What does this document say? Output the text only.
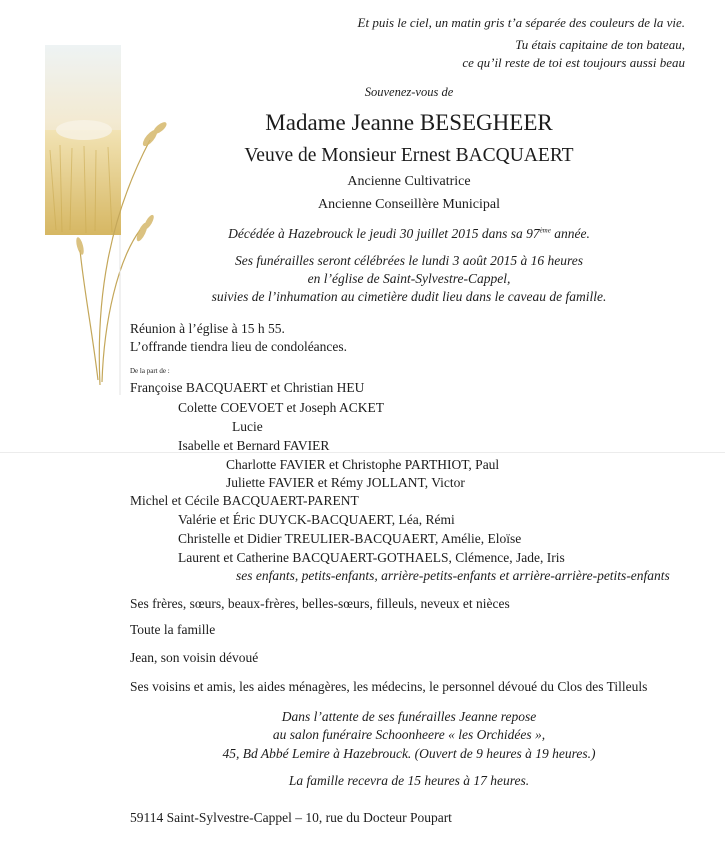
Et puis le ciel, un matin gris t’a séparée des couleurs de la vie.
Tu étais capitaine de ton bateau,
ce qu’il reste de toi est toujours aussi beau
Souvenez-vous de
Madame Jeanne BESEGHEER
Veuve de Monsieur Ernest BACQUAERT
Ancienne Cultivatrice
Ancienne Conseillère Municipal
Décédée à Hazebrouck le jeudi 30 juillet 2015 dans sa 97ème année.
Ses funérailles seront célébrées le lundi 3 août 2015 à 16 heures
en l’église de Saint-Sylvestre-Cappel,
suivies de l’inhumation au cimetière dudit lieu dans le caveau de famille.
Réunion à l’église à 15 h 55.
L’offrande tiendra lieu de condoléances.
De la part de :
Françoise BACQUAERT et Christian HEU
Colette COEVOET et Joseph ACKET
Lucie
Isabelle et Bernard FAVIER
Charlotte FAVIER et Christophe PARTHIOT, Paul
Juliette FAVIER et Rémy JOLLANT, Victor
Michel et Cécile BACQUAERT-PARENT
Valérie et Éric DUYCK-BACQUAERT, Léa, Rémi
Christelle et Didier TREULIER-BACQUAERT, Amélie, Eloïse
Laurent et Catherine BACQUAERT-GOTHAELS, Clémence, Jade, Iris
ses enfants, petits-enfants, arrière-petits-enfants et arrière-arrière-petits-enfants
Ses frères, sœurs, beaux-frères, belles-sœurs, filleuls, neveux et nièces
Toute la famille
Jean, son voisin dévoué
Ses voisins et amis, les aides ménagères, les médecins, le personnel dévoué du Clos des Tilleuls
Dans l’attente de ses funérailles Jeanne repose
au salon funéraire Schoonheere « les Orchidées »,
45, Bd Abbé Lemire à Hazebrouck. (Ouvert de 9 heures à 19 heures.)
La famille recevra de 15 heures à 17 heures.
59114 Saint-Sylvestre-Cappel – 10, rue du Docteur Poupart
